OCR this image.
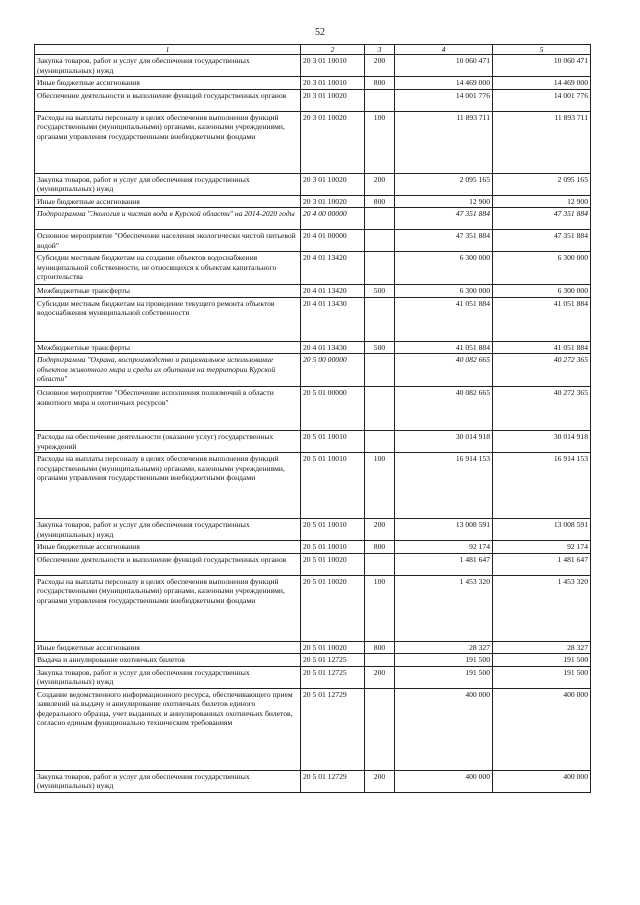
52
1	2	3	4	5
Закупка товаров, работ и услуг для обеспечения государственных (муниципальных) нужд	20 3 01 10010	200	10 060 471	10 060 471
Иные бюджетные ассигнования	20 3 01 10010	800	14 469 000	14 469 000
Обеспечение деятельности и выполнение функций государственных органов	20 3 01 10020		14 001 776	14 001 776
Расходы на выплаты персоналу в целях обеспечения выполнения функций государственными (муниципальными) органами, казенными учреждениями, органами управления государственными внебюджетными фондами	20 3 01 10020	100	11 893 711	11 893 711
Закупка товаров, работ и услуг для обеспечения государственных (муниципальных) нужд	20 3 01 10020	200	2 095 165	2 095 165
Иные бюджетные ассигнования	20 3 01 10020	800	12 900	12 900
Подпрограмма "Экология и чистая вода в Курской области" на 2014-2020 годы	20 4 00 00000		47 351 884	47 351 884
Основное мероприятие "Обеспечение населения экологически чистой питьевой водой"	20 4 01 00000		47 351 884	47 351 884
Субсидии местным бюджетам на создание объектов водоснабжения муниципальной собственности, не относящихся к объектам капитального строительства	20 4 01 13420		6 300 000	6 300 000
Межбюджетные трансферты	20 4 01 13420	500	6 300 000	6 300 000
Субсидии местным бюджетам на проведение текущего ремонта объектов водоснабжения муниципальной собственности	20 4 01 13430		41 051 884	41 051 884
Межбюджетные трансферты	20 4 01 13430	500	41 051 884	41 051 884
Подпрограмма "Охрана, воспроизводство и рациональное использование объектов животного мира и среды их обитания на территории Курской области"	20 5 00 00000		40 082 665	40 272 365
Основное мероприятие "Обеспечение исполнения полномочий в области животного мира и охотничьих ресурсов"	20 5 01 00000		40 082 665	40 272 365
Расходы на обеспечение деятельности (оказание услуг) государственных учреждений	20 5 01 10010		30 014 918	30 014 918
Расходы на выплаты персоналу в целях обеспечения выполнения функций государственными (муниципальными) органами, казенными учреждениями, органами управления государственными внебюджетными фондами	20 5 01 10010	100	16 914 153	16 914 153
Закупка товаров, работ и услуг для обеспечения государственных (муниципальных) нужд	20 5 01 10010	200	13 008 591	13 008 591
Иные бюджетные ассигнования	20 5 01 10010	800	92 174	92 174
Обеспечение деятельности и выполнение функций государственных органов	20 5 01 10020		1 481 647	1 481 647
Расходы на выплаты персоналу в целях обеспечения выполнения функций государственными (муниципальными) органами, казенными учреждениями, органами управления государственными внебюджетными фондами	20 5 01 10020	100	1 453 320	1 453 320
Иные бюджетные ассигнования	20 5 01 10020	800	28 327	28 327
Выдача и аннулирование охотничьих билетов	20 5 01 12725		191 500	191 500
Закупка товаров, работ и услуг для обеспечения государственных (муниципальных) нужд	20 5 01 12725	200	191 500	191 500
Создание ведомственного информационного ресурса, обеспечивающего прием заявлений на выдачу и аннулирование охотничьих билетов единого федерального образца, учет выданных и аннулированных охотничьих билетов, согласно единым функционально техническим требованиям	20 5 01 12729		400 000	400 000
Закупка товаров, работ и услуг для обеспечения государственных (муниципальных) нужд	20 5 01 12729	200	400 000	400 000
